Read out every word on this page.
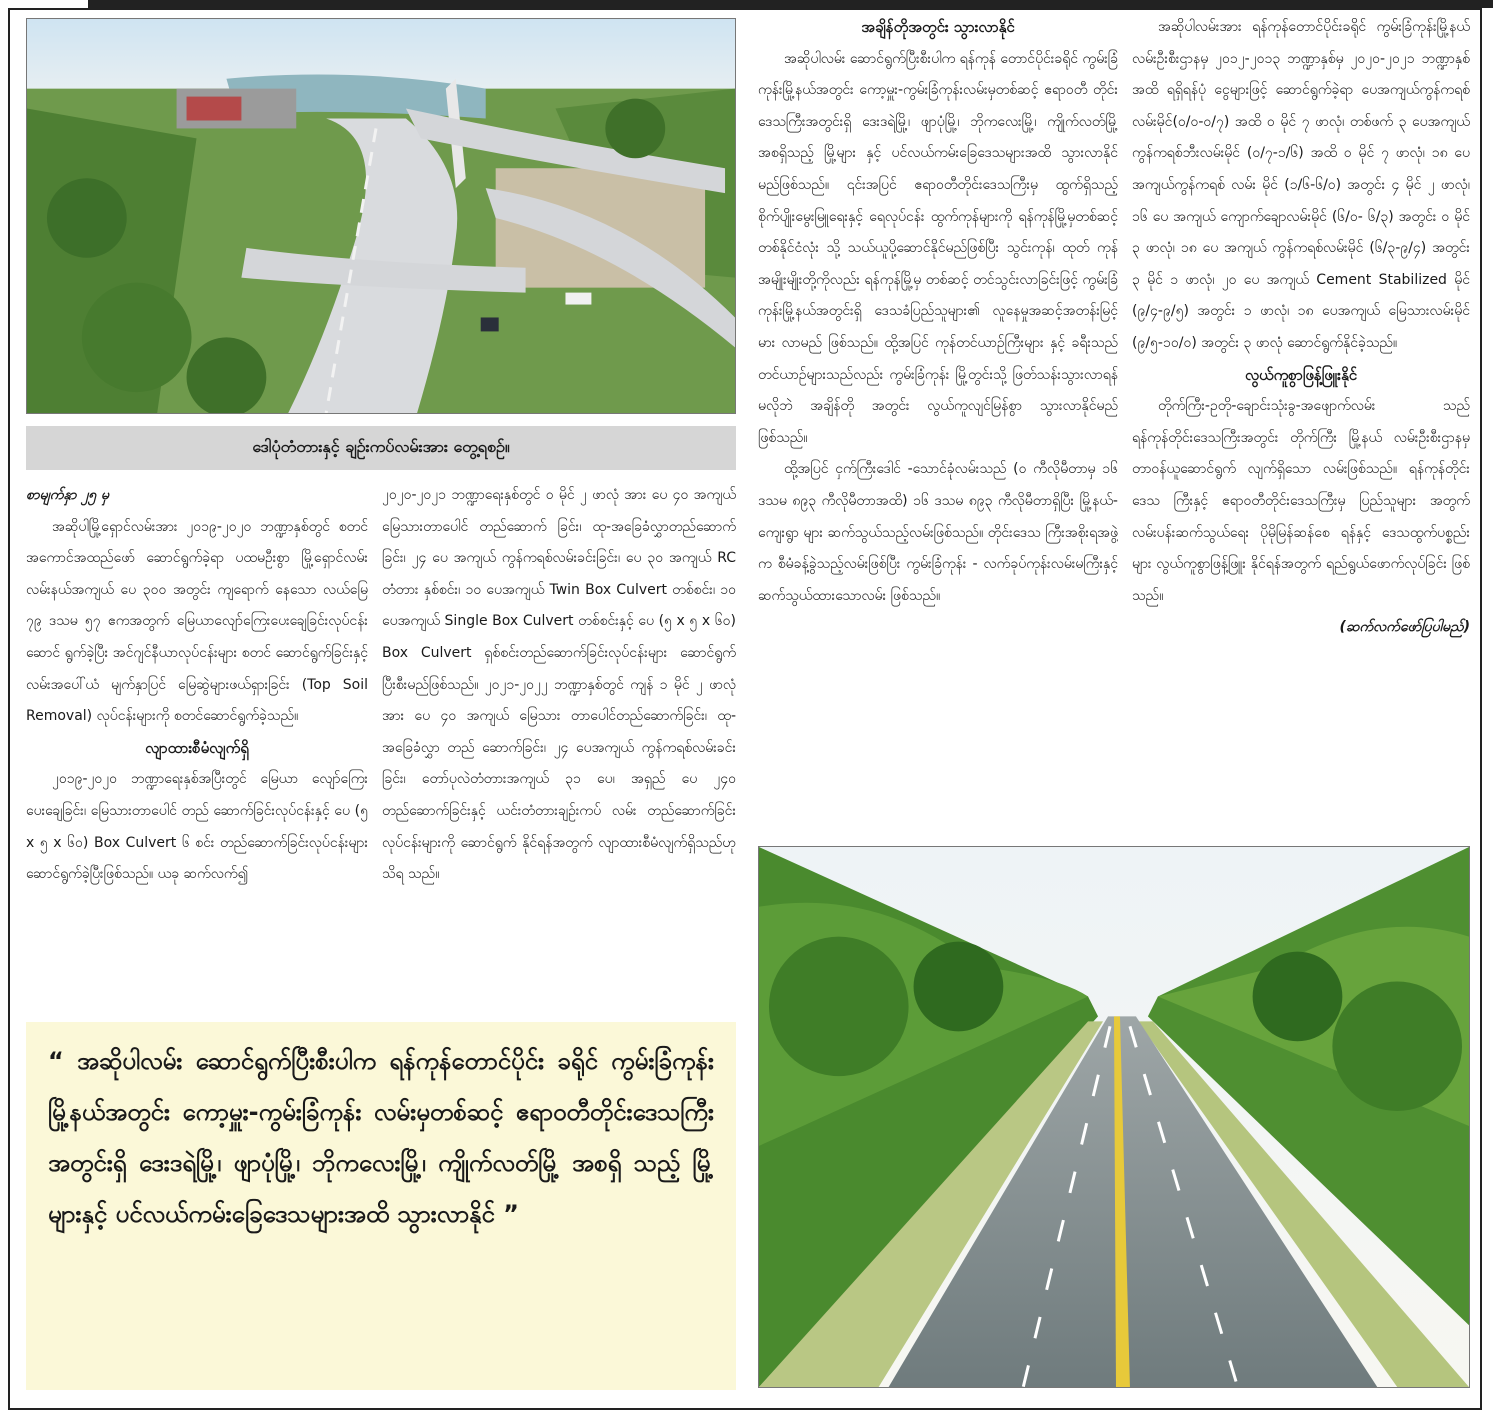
ဒေါပုံတံတားနှင့် ချဉ်းကပ်လမ်းအား တွေ့ရစဉ်။

စာမျက်နှာ ၂၅ မှ

အဆိုပါမြို့ရှောင်လမ်းအား ၂၀၁၉-၂၀၂၀ ဘဏ္ဍာနှစ်တွင် စတင်အကောင်အထည်ဖော် ဆောင်ရွက်ခဲ့ရာ ပထမဦးစွာ မြို့ရှောင်လမ်း လမ်းနယ်အကျယ် ပေ ၃၀၀ အတွင်း ကျရောက် နေသော လယ်မြေ ၇၉ ဒသမ ၅၇ ဧကအတွက် မြေယာလျော်ကြေးပေးချေခြင်းလုပ်ငန်း ဆောင် ရွက်ခဲ့ပြီး အင်ဂျင်နီယာလုပ်ငန်းများ စတင် ဆောင်ရွက်ခြင်းနှင့် လမ်းအပေါ်ယံ မျက်နှာပြင် မြေဆွဲများဖယ်ရှားခြင်း (Top Soil Removal) လုပ်ငန်းများကို စတင်ဆောင်ရွက်ခဲ့သည်။

လျာထားစီမံလျက်ရှိ

၂၀၁၉-၂၀၂၀ ဘဏ္ဍာရေးနှစ်အပြီးတွင် မြေယာ လျော်ကြေးပေးချေခြင်း၊ မြေသားတာပေါင် တည် ဆောက်ခြင်းလုပ်ငန်းနှင့် ပေ (၅ x ၅ x ၆၀) Box Culvert ၆ စင်း တည်ဆောက်ခြင်းလုပ်ငန်းများ ဆောင်ရွက်ခဲ့ပြီးဖြစ်သည်။ ယခု ဆက်လက်၍

၂၀၂၀-၂၀၂၁ ဘဏ္ဍာရေးနှစ်တွင် ၀ မိုင် ၂ ဖာလုံ အား ပေ ၄၀ အကျယ် မြေသားတာပေါင် တည်ဆောက် ခြင်း၊ ထု-အခြေခံလွှာတည်ဆောက်ခြင်း၊ ၂၄ ပေ အကျယ် ကွန်ကရစ်လမ်းခင်းခြင်း၊ ပေ ၃၀ အကျယ် RC တံတား နှစ်စင်း၊ ၁၀ ပေအကျယ် Twin Box Culvert တစ်စင်း၊ ၁၀ ပေအကျယ် Single Box Culvert တစ်စင်းနှင့် ပေ (၅ x ၅ x ၆၀) Box Culvert ရှစ်စင်းတည်ဆောက်ခြင်းလုပ်ငန်းများ ဆောင်ရွက် ပြီးစီးမည်ဖြစ်သည်။ ၂၀၂၁-၂၀၂၂ ဘဏ္ဍာနှစ်တွင် ကျန် ၁ မိုင် ၂ ဖာလုံအား ပေ ၄၀ အကျယ် မြေသား တာပေါင်တည်ဆောက်ခြင်း၊ ထု-အခြေခံလွှာ တည် ဆောက်ခြင်း၊ ၂၄ ပေအကျယ် ကွန်ကရစ်လမ်းခင်း ခြင်း၊ တော်ပုလဲတံတားအကျယ် ၃၁ ပေ၊ အရှည် ပေ ၂၄၀ တည်ဆောက်ခြင်းနှင့် ယင်းတံတားချဉ်းကပ် လမ်း တည်ဆောက်ခြင်းလုပ်ငန်းများကို ဆောင်ရွက် နိုင်ရန်အတွက် လျာထားစီမံလျက်ရှိသည်ဟု သိရ သည်။

“ အဆိုပါလမ်း ဆောင်ရွက်ပြီးစီးပါက ရန်ကုန်တောင်ပိုင်း ခရိုင် ကွမ်းခြံကုန်းမြို့နယ်အတွင်း ကော့မှူး-ကွမ်းခြံကုန်း လမ်းမှတစ်ဆင့် ဧရာဝတီတိုင်းဒေသကြီးအတွင်းရှိ ဒေးဒရဲမြို့၊ ဖျာပုံမြို့၊ ဘိုကလေးမြို့၊ ကျိုက်လတ်မြို့ အစရှိ သည့် မြို့များနှင့် ပင်လယ်ကမ်းခြေဒေသများအထိ သွားလာနိုင် ”
အချိန်တိုအတွင်း သွားလာနိုင်

အဆိုပါလမ်း ဆောင်ရွက်ပြီးစီးပါက ရန်ကုန် တောင်ပိုင်းခရိုင် ကွမ်းခြံကုန်းမြို့နယ်အတွင်း ကော့မှူး-ကွမ်းခြံကုန်းလမ်းမှတစ်ဆင့် ဧရာဝတီ တိုင်းဒေသကြီးအတွင်းရှိ ဒေးဒရဲမြို့၊ ဖျာပုံမြို့၊ ဘိုကလေးမြို့၊ ကျိုက်လတ်မြို့ အစရှိသည့် မြို့များ နှင့် ပင်လယ်ကမ်းခြေဒေသများအထိ သွားလာနိုင် မည်ဖြစ်သည်။ ၎င်းအပြင် ဧရာဝတီတိုင်းဒေသကြီးမှ ထွက်ရှိသည့် စိုက်ပျိုးမွေးမြူရေးနှင့် ရေလုပ်ငန်း ထွက်ကုန်များကို ရန်ကုန်မြို့မှတစ်ဆင့် တစ်နိုင်ငံလုံး သို့ သယ်ယူပို့ဆောင်နိုင်မည်ဖြစ်ပြီး သွင်းကုန်၊ ထုတ် ကုန်အမျိုးမျိုးတို့ကိုလည်း ရန်ကုန်မြို့မှ တစ်ဆင့် တင်သွင်းလာခြင်းဖြင့် ကွမ်းခြံကုန်းမြို့နယ်အတွင်းရှိ ဒေသခံပြည်သူများ၏ လူနေမှုအဆင့်အတန်းမြင့်မား လာမည် ဖြစ်သည်။ ထို့အပြင် ကုန်တင်ယာဉ်ကြီးများ နှင့် ခရီးသည်တင်ယာဉ်များသည်လည်း ကွမ်းခြံကုန်း မြို့တွင်းသို့ ဖြတ်သန်းသွားလာရန်မလိုဘဲ အချိန်တို အတွင်း လွယ်ကူလျင်မြန်စွာ သွားလာနိုင်မည် ဖြစ်သည်။

ထို့အပြင် ငှက်ကြီးဒေါင် -သောင်ခုံလမ်းသည် (၀ ကီလိုမီတာမှ ၁၆ ဒသမ ၈၉၃ ကီလိုမီတာအထိ) ၁၆ ဒသမ ၈၉၃ ကီလိုမီတာရှိပြီး မြို့နယ်-ကျေးရွာ များ ဆက်သွယ်သည့်လမ်းဖြစ်သည်။ တိုင်းဒေသ ကြီးအစိုးရအဖွဲ့က စီမံခန့်ခွဲသည့်လမ်းဖြစ်ပြီး ကွမ်းခြံကုန်း - လက်ခုပ်ကုန်းလမ်းမကြီးနှင့် ဆက်သွယ်ထားသောလမ်း ဖြစ်သည်။

အဆိုပါလမ်းအား ရန်ကုန်တောင်ပိုင်းခရိုင် ကွမ်းခြံကုန်းမြို့နယ်လမ်းဦးစီးဌာနမှ ၂၀၁၂-၂၀၁၃ ဘဏ္ဍာနှစ်မှ ၂၀၂၀-၂၀၂၁ ဘဏ္ဍာနှစ်အထိ ရရှိရန်ပုံ ငွေများဖြင့် ဆောင်ရွက်ခဲ့ရာ ပေအကျယ်ကွန်ကရစ် လမ်းမိုင်(၀/၀-၀/၇) အထိ ၀ မိုင် ၇ ဖာလုံ၊ တစ်ဖက် ၃ ပေအကျယ် ကွန်ကရစ်ဘီးလမ်းမိုင် (၀/၇-၁/၆) အထိ ၀ မိုင် ၇ ဖာလုံ၊ ၁၈ ပေ အကျယ်ကွန်ကရစ် လမ်း မိုင် (၁/၆-၆/၀) အတွင်း ၄ မိုင် ၂ ဖာလုံ၊ ၁၆ ပေ အကျယ် ကျောက်ချောလမ်းမိုင် (၆/၀- ၆/၃) အတွင်း ၀ မိုင် ၃ ဖာလုံ၊ ၁၈ ပေ အကျယ် ကွန်ကရစ်လမ်းမိုင် (၆/၃-၉/၄) အတွင်း ၃ မိုင် ၁ ဖာလုံ၊ ၂၀ ပေ အကျယ် Cement Stabilized မိုင် (၉/၄-၉/၅) အတွင်း ၁ ဖာလုံ၊ ၁၈ ပေအကျယ် မြေသားလမ်းမိုင် (၉/၅-၁၀/၀) အတွင်း ၃ ဖာလုံ ဆောင်ရွက်နိုင်ခဲ့သည်။

လွယ်ကူစွာဖြန့်ဖြူးနိုင်

တိုက်ကြီး-ဥတို-ချောင်းသုံးခွ-အဖျောက်လမ်း သည် ရန်ကုန်တိုင်းဒေသကြီးအတွင်း တိုက်ကြီး မြို့နယ် လမ်းဦးစီးဌာနမှ တာဝန်ယူဆောင်ရွက် လျက်ရှိသော လမ်းဖြစ်သည်။ ရန်ကုန်တိုင်းဒေသ ကြီးနှင့် ဧရာဝတီတိုင်းဒေသကြီးမှ ပြည်သူများ အတွက် လမ်းပန်းဆက်သွယ်ရေး ပိုမိုမြန်ဆန်စေ ရန်နှင့် ဒေသထွက်ပစ္စည်းများ လွယ်ကူစွာဖြန့်ဖြူး နိုင်ရန်အတွက် ရည်ရွယ်ဖောက်လုပ်ခြင်း ဖြစ် သည်။

(ဆက်လက်ဖော်ပြပါမည်)
